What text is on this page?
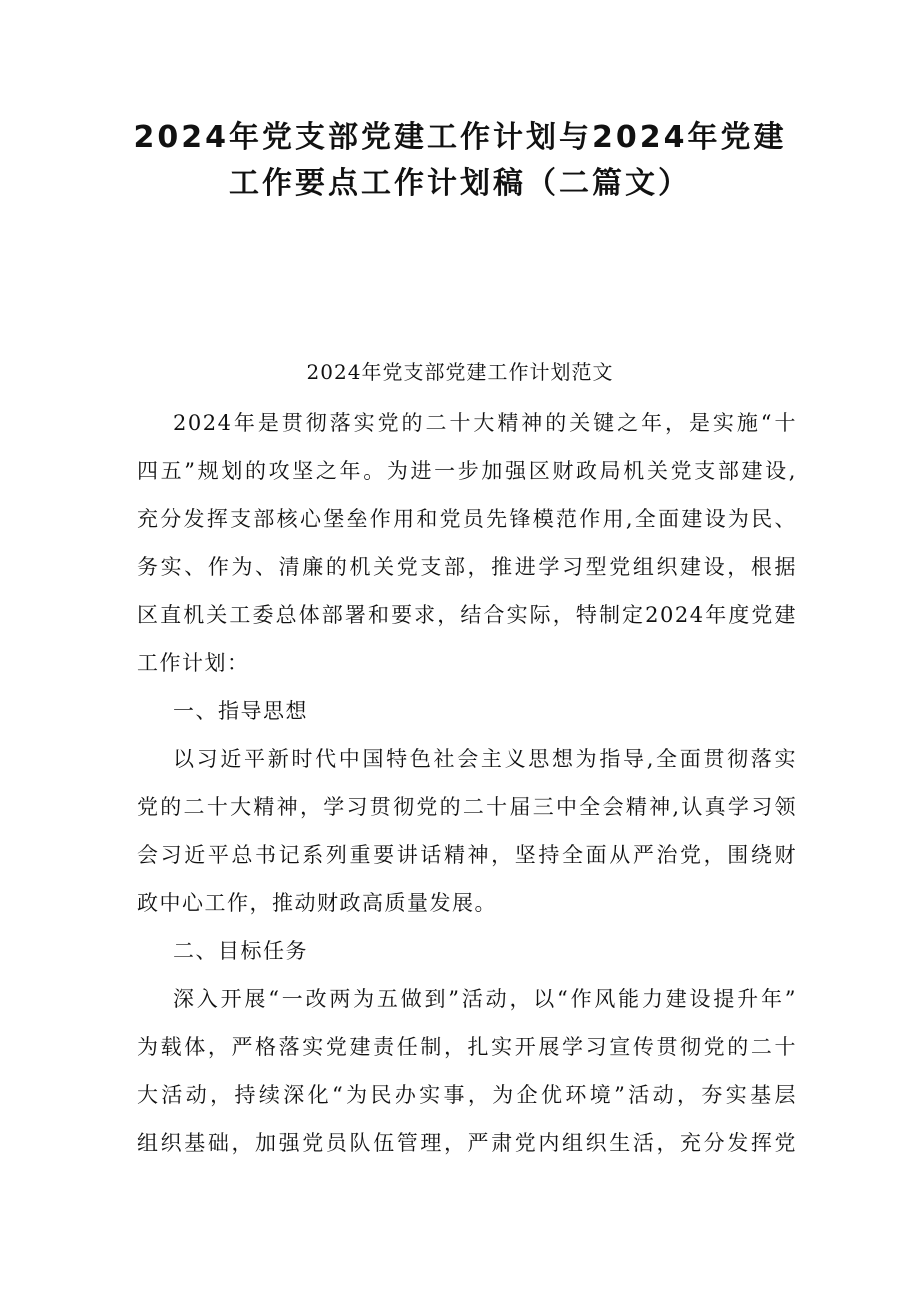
2024年党支部党建工作计划与2024年党建
工作要点工作计划稿（二篇文）
2024年党支部党建工作计划范文
2024年是贯彻落实党的二十大精神的关键之年，是实施“十
四五”规划的攻坚之年。为进一步加强区财政局机关党支部建设,
充分发挥支部核心堡垒作用和党员先锋模范作用,全面建设为民、
务实、作为、清廉的机关党支部，推进学习型党组织建设，根据
区直机关工委总体部署和要求，结合实际，特制定2024年度党建
工作计划：
一、指导思想
以习近平新时代中国特色社会主义思想为指导,全面贯彻落实
党的二十大精神，学习贯彻党的二十届三中全会精神,认真学习领
会习近平总书记系列重要讲话精神，坚持全面从严治党，围绕财
政中心工作，推动财政高质量发展。
二、目标任务
深入开展“一改两为五做到”活动，以“作风能力建设提升年”
为载体，严格落实党建责任制，扎实开展学习宣传贯彻党的二十
大活动，持续深化“为民办实事，为企优环境”活动，夯实基层
组织基础，加强党员队伍管理，严肃党内组织生活，充分发挥党
